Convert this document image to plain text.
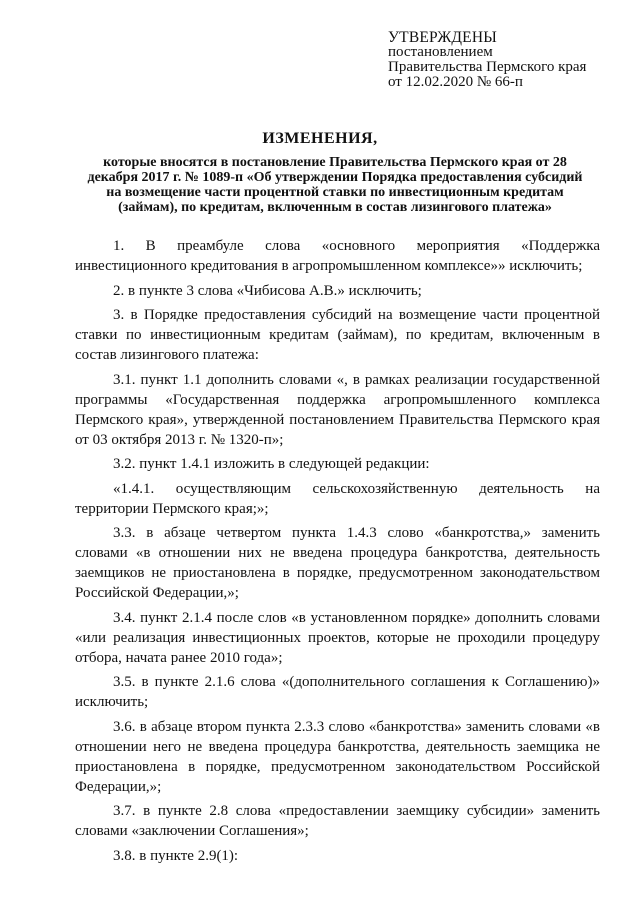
УТВЕРЖДЕНЫ
постановлением
Правительства Пермского края
от 12.02.2020 № 66-п
ИЗМЕНЕНИЯ,
которые вносятся в постановление Правительства Пермского края от 28 декабря 2017 г. № 1089-п «Об утверждении Порядка предоставления субсидий на возмещение части процентной ставки по инвестиционным кредитам (займам), по кредитам, включенным в состав лизингового платежа»

1. В преамбуле слова «основного мероприятия «Поддержка инвестиционного кредитования в агропромышленном комплексе»» исключить;

2. в пункте 3 слова «Чибисова А.В.» исключить;

3. в Порядке предоставления субсидий на возмещение части процентной ставки по инвестиционным кредитам (займам), по кредитам, включенным в состав лизингового платежа:

3.1. пункт 1.1 дополнить словами «, в рамках реализации государственной программы «Государственная поддержка агропромышленного комплекса Пермского края», утвержденной постановлением Правительства Пермского края от 03 октября 2013 г. № 1320-п»;

3.2. пункт 1.4.1 изложить в следующей редакции:

«1.4.1. осуществляющим сельскохозяйственную деятельность на территории Пермского края;»;

3.3. в абзаце четвертом пункта 1.4.3 слово «банкротства,» заменить словами «в отношении них не введена процедура банкротства, деятельность заемщиков не приостановлена в порядке, предусмотренном законодательством Российской Федерации,»;

3.4. пункт 2.1.4 после слов «в установленном порядке» дополнить словами «или реализация инвестиционных проектов, которые не проходили процедуру отбора, начата ранее 2010 года»;

3.5. в пункте 2.1.6 слова «(дополнительного соглашения к Соглашению)» исключить;

3.6. в абзаце втором пункта 2.3.3 слово «банкротства» заменить словами «в отношении него не введена процедура банкротства, деятельность заемщика не приостановлена в порядке, предусмотренном законодательством Российской Федерации,»;

3.7. в пункте 2.8 слова «предоставлении заемщику субсидии» заменить словами «заключении Соглашения»;

3.8. в пункте 2.9(1):
